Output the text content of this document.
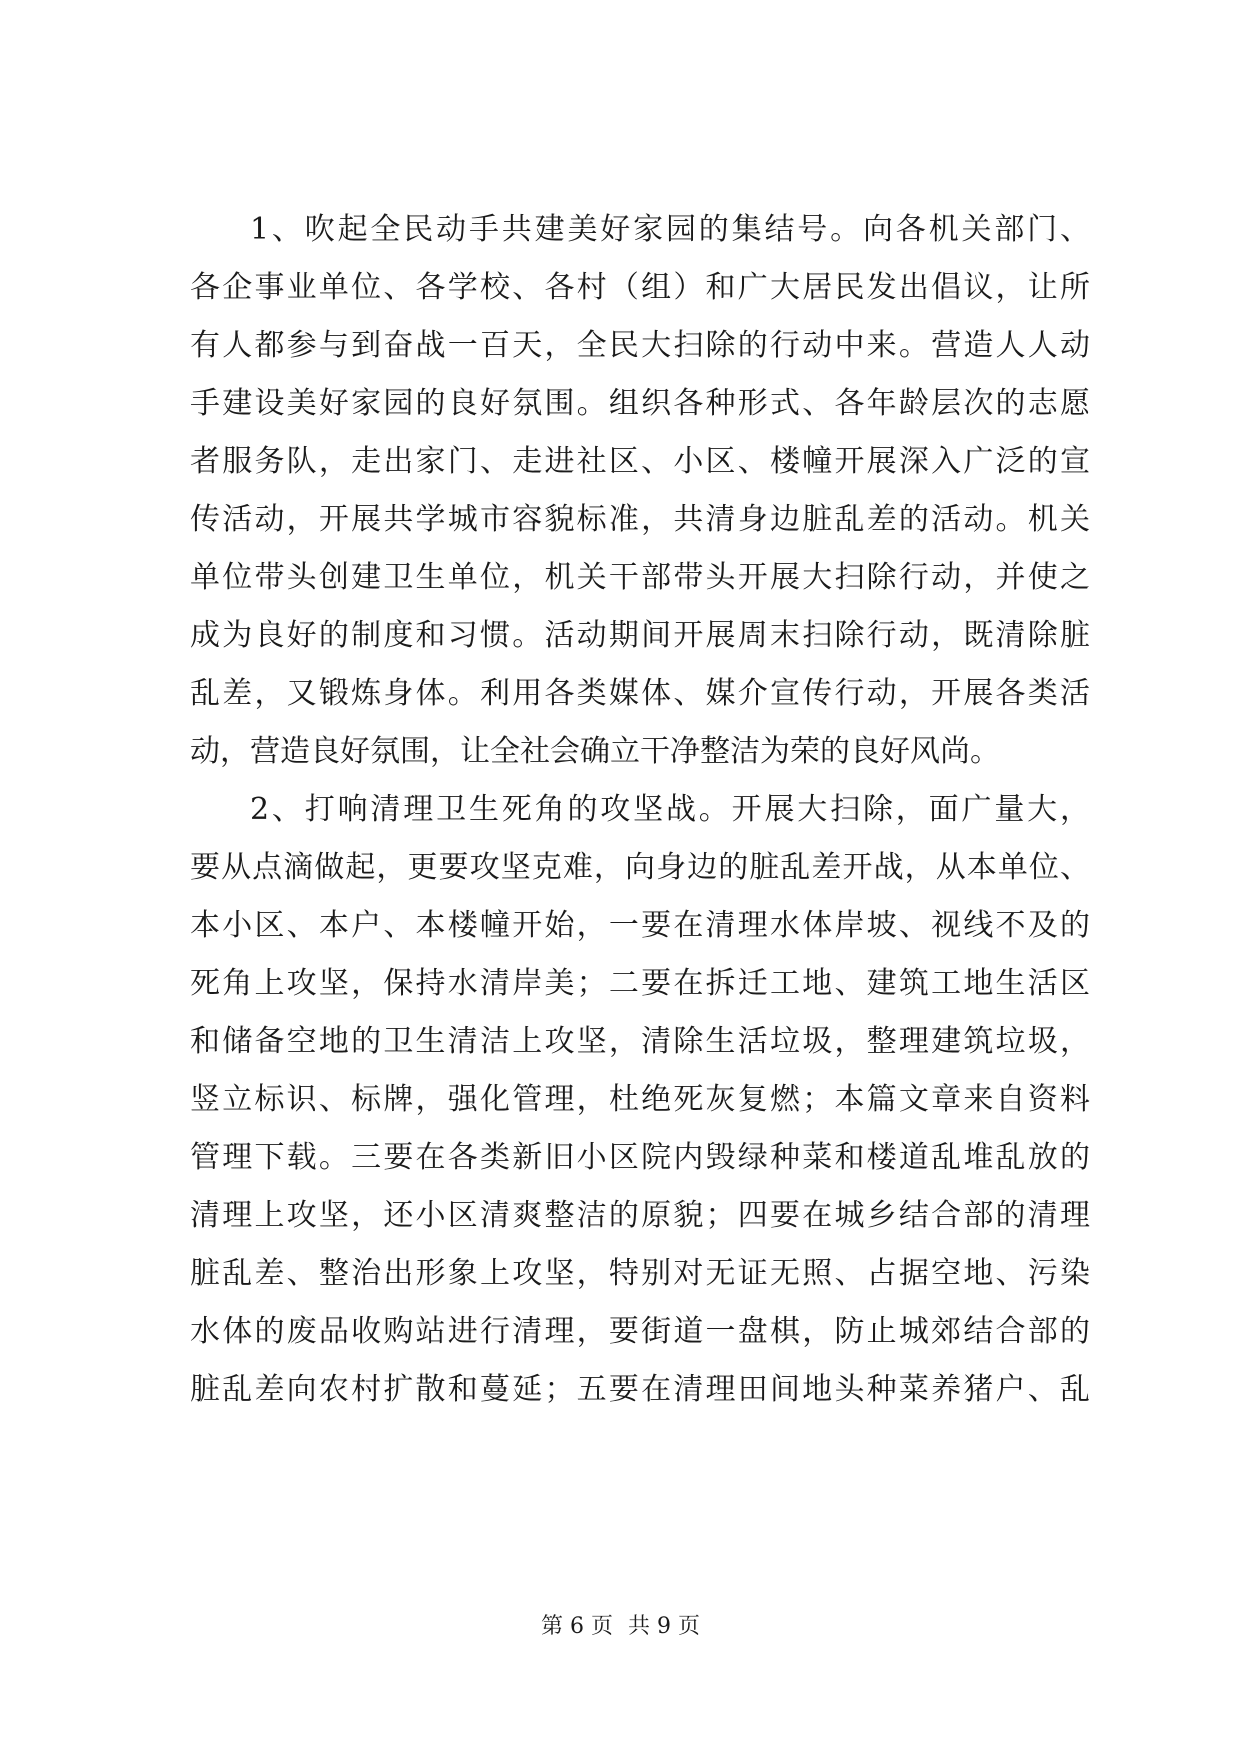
1、吹起全民动手共建美好家园的集结号。向各机关部门、
各企事业单位、各学校、各村（组）和广大居民发出倡议，让所
有人都参与到奋战一百天，全民大扫除的行动中来。营造人人动
手建设美好家园的良好氛围。组织各种形式、各年龄层次的志愿
者服务队，走出家门、走进社区、小区、楼幢开展深入广泛的宣
传活动，开展共学城市容貌标准，共清身边脏乱差的活动。机关
单位带头创建卫生单位，机关干部带头开展大扫除行动，并使之
成为良好的制度和习惯。活动期间开展周末扫除行动，既清除脏
乱差，又锻炼身体。利用各类媒体、媒介宣传行动，开展各类活
动，营造良好氛围，让全社会确立干净整洁为荣的良好风尚。
2、打响清理卫生死角的攻坚战。开展大扫除，面广量大，
要从点滴做起，更要攻坚克难，向身边的脏乱差开战，从本单位、
本小区、本户、本楼幢开始，一要在清理水体岸坡、视线不及的
死角上攻坚，保持水清岸美；二要在拆迁工地、建筑工地生活区
和储备空地的卫生清洁上攻坚，清除生活垃圾，整理建筑垃圾，
竖立标识、标牌，强化管理，杜绝死灰复燃；本篇文章来自资料
管理下载。三要在各类新旧小区院内毁绿种菜和楼道乱堆乱放的
清理上攻坚，还小区清爽整洁的原貌；四要在城乡结合部的清理
脏乱差、整治出形象上攻坚，特别对无证无照、占据空地、污染
水体的废品收购站进行清理，要街道一盘棋，防止城郊结合部的
脏乱差向农村扩散和蔓延；五要在清理田间地头种菜养猪户、乱
第 6 页 共 9 页
